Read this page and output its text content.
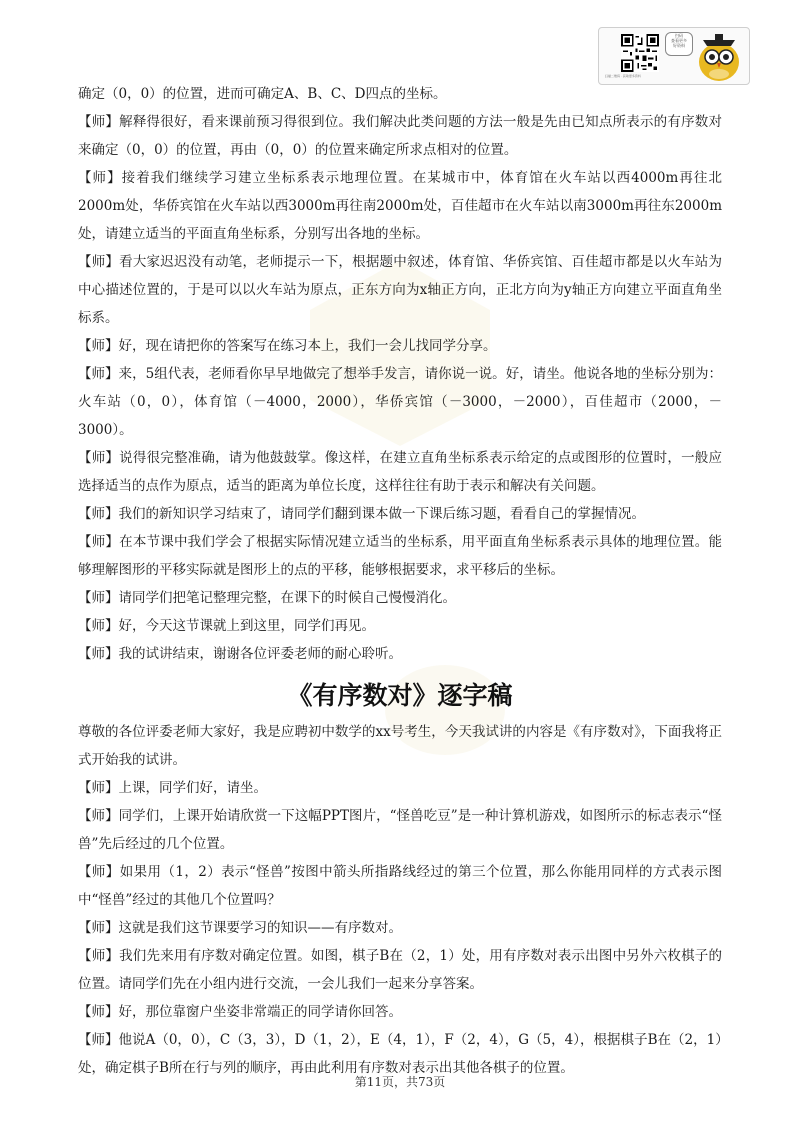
扫码
查看更多
好资料
扫描二维码 · 获取更多资料

确定（0，0）的位置，进而可确定A、B、C、D四点的坐标。

【师】解释得很好，看来课前预习得很到位。我们解决此类问题的方法一般是先由已知点所表示的有序数对来确定（0，0）的位置，再由（0，0）的位置来确定所求点相对的位置。

【师】接着我们继续学习建立坐标系表示地理位置。在某城市中，体育馆在火车站以西4000m再往北2000m处，华侨宾馆在火车站以西3000m再往南2000m处，百佳超市在火车站以南3000m再往东2000m处，请建立适当的平面直角坐标系，分别写出各地的坐标。

【师】看大家迟迟没有动笔，老师提示一下，根据题中叙述，体育馆、华侨宾馆、百佳超市都是以火车站为中心描述位置的，于是可以以火车站为原点，正东方向为x轴正方向，正北方向为y轴正方向建立平面直角坐标系。

【师】好，现在请把你的答案写在练习本上，我们一会儿找同学分享。

【师】来，5组代表，老师看你早早地做完了想举手发言，请你说一说。好，请坐。他说各地的坐标分别为：火车站（0，0），体育馆（－4000，2000），华侨宾馆（－3000，－2000），百佳超市（2000，－3000）。

【师】说得很完整准确，请为他鼓鼓掌。像这样，在建立直角坐标系表示给定的点或图形的位置时，一般应选择适当的点作为原点，适当的距离为单位长度，这样往往有助于表示和解决有关问题。

【师】我们的新知识学习结束了，请同学们翻到课本做一下课后练习题，看看自己的掌握情况。

【师】在本节课中我们学会了根据实际情况建立适当的坐标系，用平面直角坐标系表示具体的地理位置。能够理解图形的平移实际就是图形上的点的平移，能够根据要求，求平移后的坐标。

【师】请同学们把笔记整理完整，在课下的时候自己慢慢消化。

【师】好，今天这节课就上到这里，同学们再见。

【师】我的试讲结束，谢谢各位评委老师的耐心聆听。

《有序数对》逐字稿

尊敬的各位评委老师大家好，我是应聘初中数学的xx号考生，今天我试讲的内容是《有序数对》，下面我将正式开始我的试讲。

【师】上课，同学们好，请坐。

【师】同学们，上课开始请欣赏一下这幅PPT图片，“怪兽吃豆”是一种计算机游戏，如图所示的标志表示“怪兽”先后经过的几个位置。

【师】如果用（1，2）表示“怪兽”按图中箭头所指路线经过的第三个位置，那么你能用同样的方式表示图中“怪兽”经过的其他几个位置吗？

【师】这就是我们这节课要学习的知识——有序数对。

【师】我们先来用有序数对确定位置。如图，棋子B在（2，1）处，用有序数对表示出图中另外六枚棋子的位置。请同学们先在小组内进行交流，一会儿我们一起来分享答案。

【师】好，那位靠窗户坐姿非常端正的同学请你回答。

【师】他说A（0，0），C（3，3），D（1，2），E（4，1），F（2，4），G（5，4），根据棋子B在（2，1）处，确定棋子B所在行与列的顺序，再由此利用有序数对表示出其他各棋子的位置。

第11页，共73页
